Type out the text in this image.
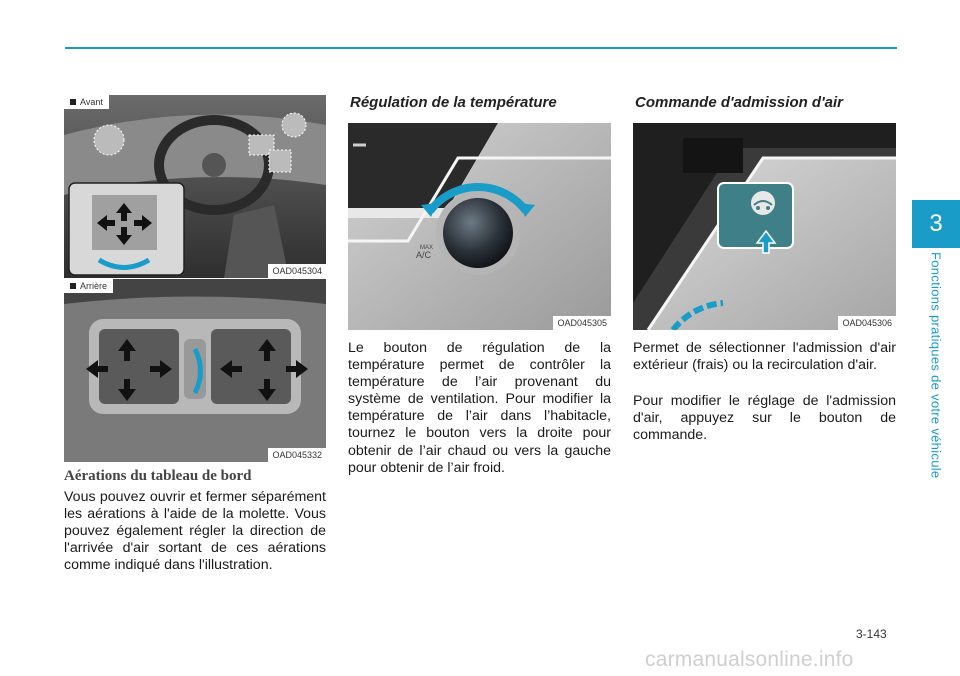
3
Fonctions pratiques de votre véhicule
Avant
OAD045304
Arrière
OAD045332
MAX
A/C
OAD045305	OAD045306
Aérations du tableau de bord
Vous pouvez ouvrir et fermer séparément les aérations à l'aide de la molette. Vous pouvez également régler la direction de l'arrivée d'air sortant de ces aérations comme indiqué dans l'illustration.
Régulation de la température
Le bouton de régulation de la température permet de contrôler la température de l’air provenant du système de ventilation. Pour modifier la température de l’air dans l’habitacle, tournez le bouton vers la droite pour obtenir de l’air chaud ou vers la gauche pour obtenir de l’air froid.
Commande d'admission d'air
Permet de sélectionner l'admission d'air extérieur (frais) ou la recirculation d'air.
Pour modifier le réglage de l'admission d'air, appuyez sur le bouton de commande.
3-143
carmanualsonline.info
